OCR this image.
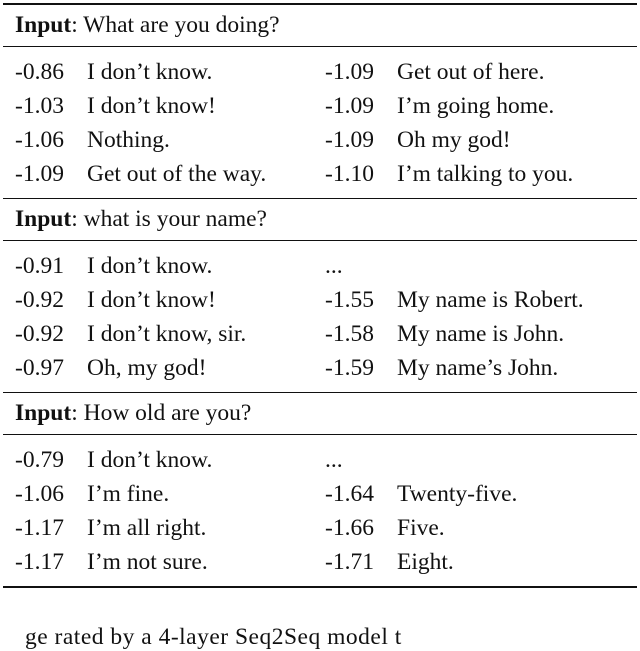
Input: What are you doing?
-0.86 I don’t know.	-1.09 Get out of here.
-1.03 I don’t know!	-1.09 I’m going home.
-1.06 Nothing.	-1.09 Oh my god!
-1.09 Get out of the way.	-1.10 I’m talking to you.
Input: what is your name?
-0.91 I don’t know.	...
-0.92 I don’t know!	-1.55 My name is Robert.
-0.92 I don’t know, sir.	-1.58 My name is John.
-0.97 Oh, my god!	-1.59 My name’s John.
Input: How old are you?
-0.79 I don’t know.	...
-1.06 I’m fine.	-1.64 Twenty-five.
-1.17 I’m all right.	-1.66 Five.
-1.17 I’m not sure.	-1.71 Eight.
ge rated by a 4-layer Seq2Seq model t
